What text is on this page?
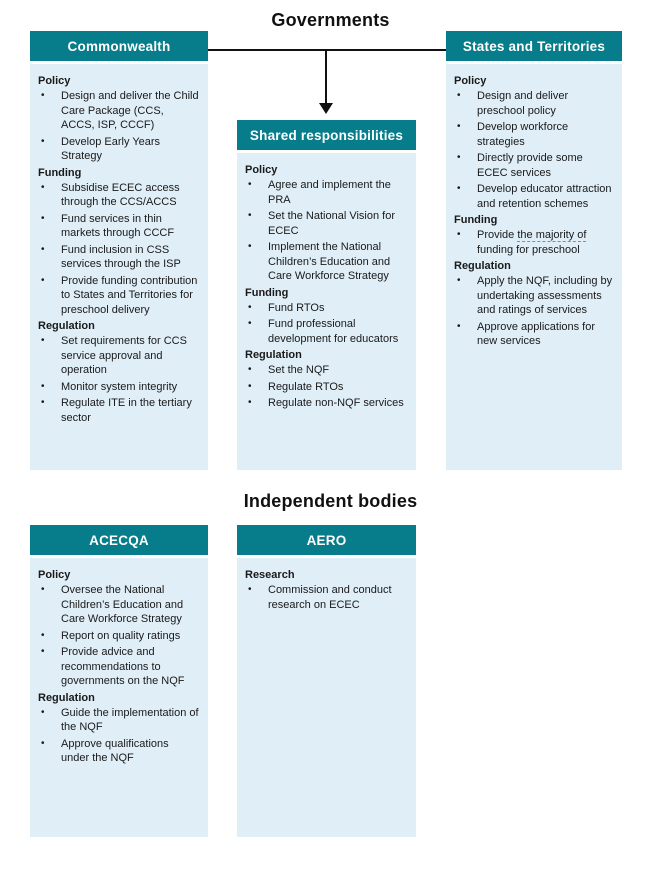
Governments
Commonwealth
Policy
•	Design and deliver the Child Care Package (CCS, ACCS, ISP, CCCF)
•	Develop Early Years Strategy
Funding
•	Subsidise ECEC access through the CCS/ACCS
•	Fund services in thin markets through CCCF
•	Fund inclusion in CSS services through the ISP
•	Provide funding contribution to States and Territories for preschool delivery
Regulation
•	Set requirements for CCS service approval and operation
•	Monitor system integrity
•	Regulate ITE in the tertiary sector
Shared responsibilities
Policy
•	Agree and implement the PRA
•	Set the National Vision for ECEC
•	Implement the National Children’s Education and Care Workforce Strategy
Funding
•	Fund RTOs
•	Fund professional development for educators
Regulation
•	Set the NQF
•	Regulate RTOs
•	Regulate non-NQF services
States and Territories
Policy
•	Design and deliver preschool policy
•	Develop workforce strategies
•	Directly provide some ECEC services
•	Develop educator attraction and retention schemes
Funding
•	Provide the majority of funding for preschool
Regulation
•	Apply the NQF, including by undertaking assessments and ratings of services
•	Approve applications for new services
Independent bodies
ACECQA
Policy
•	Oversee the National Children’s Education and Care Workforce Strategy
•	Report on quality ratings
•	Provide advice and recommendations to governments on the NQF
Regulation
•	Guide the implementation of the NQF
•	Approve qualifications under the NQF
AERO
Research
•	Commission and conduct research on ECEC
